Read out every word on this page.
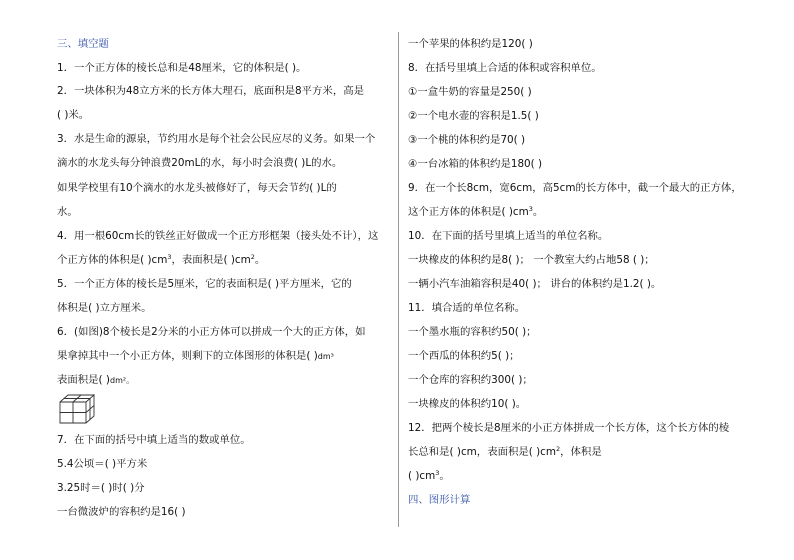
三、填空题
1．一个正方体的棱长总和是48厘米，它的体积是( )。
2．一块体积为48立方米的长方体大理石，底面积是8平方米，高是
( )米。
3．水是生命的源泉，节约用水是每个社会公民应尽的义务。如果一个
滴水的水龙头每分钟浪费20mL的水，每小时会浪费( )L的水。
如果学校里有10个滴水的水龙头被修好了，每天会节约( )L的
水。
4．用一根60cm长的铁丝正好做成一个正方形框架（接头处不计），这
个正方体的体积是( )$cm^3$，表面积是( )$cm^2$。
5．一个正方体的棱长是5厘米，它的表面积是( )平方厘米，它的
体积是( )立方厘米。
6．(如图)8个棱长是2分米的小正方体可以拼成一个大的正方体，如
果拿掉其中一个小正方体，则剩下的立体图形的体积是( )dm³
表面积是( )dm²。
7．在下面的括号中填上适当的数或单位。
5.4公顷＝( )平方米
3.25时＝( )时( )分
一台微波炉的容积约是16( )
一个苹果的体积约是120( )
8．在括号里填上合适的体积或容积单位。
①一盒牛奶的容量是250( )
②一个电水壶的容积是1.5( )
③一个桃的体积约是70( )
④一台冰箱的体积约是180( )
9．在一个长8cm，宽6cm，高5cm的长方体中，截一个最大的正方体，
这个正方体的体积是( )$cm^3$。
10．在下面的括号里填上适当的单位名称。
一块橡皮的体积约是8( )； 一个教室大约占地58 ( )；
一辆小汽车油箱容积是40( )； 讲台的体积约是1.2( )。
11．填合适的单位名称。
一个墨水瓶的容积约50( )；
一个西瓜的体积约5( )；
一个仓库的容积约300( )；
一块橡皮的体积约10( )。
12．把两个棱长是8厘米的小正方体拼成一个长方体，这个长方体的棱
长总和是( )cm，表面积是( )$cm^2$，体积是
( )$cm^3$。
四、图形计算
